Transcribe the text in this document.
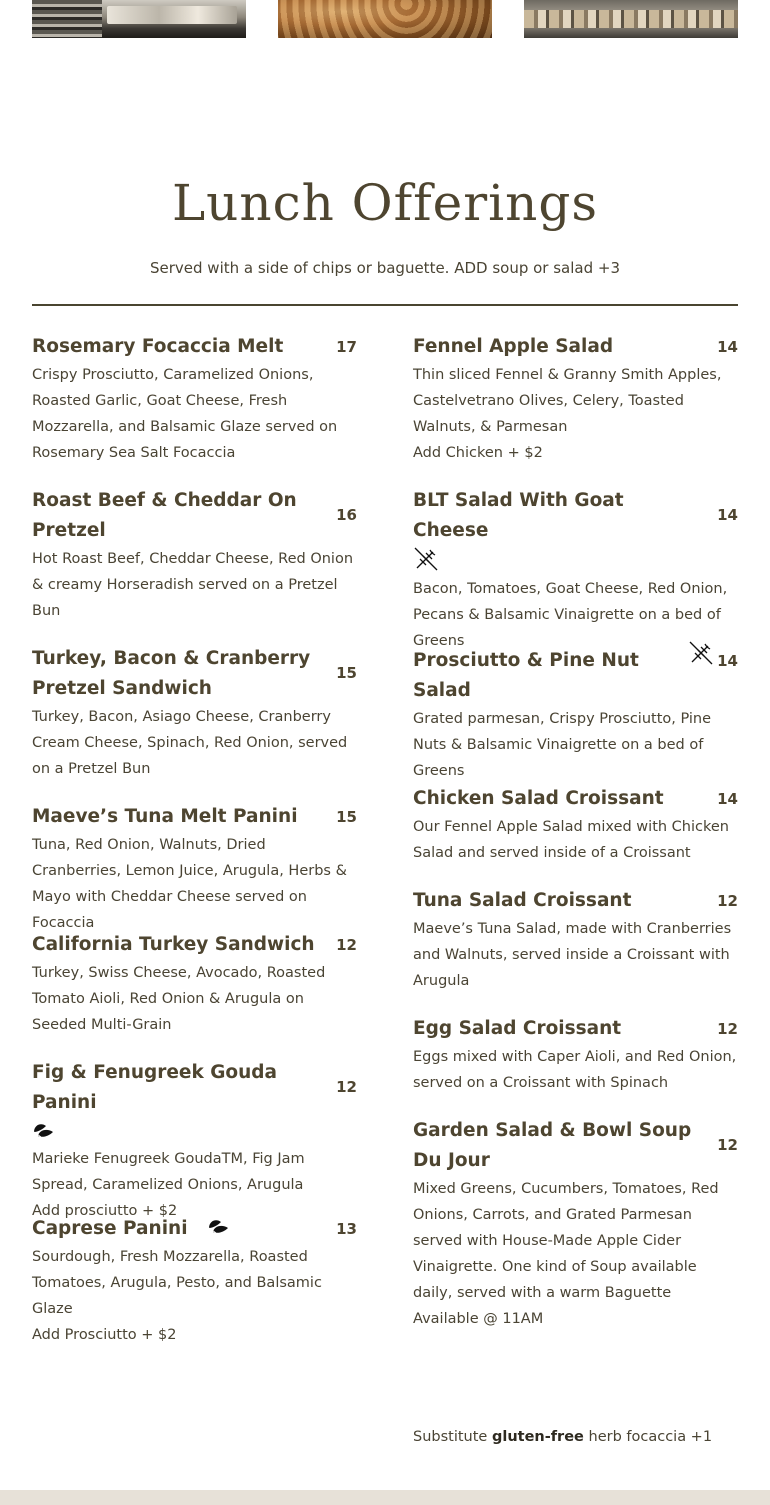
Lunch Offerings
Served with a side of chips or baguette. ADD soup or salad +3
17
Rosemary Focaccia Melt
Crispy Prosciutto, Caramelized Onions, Roasted Garlic, Goat Cheese, Fresh Mozzarella, and Balsamic Glaze served on Rosemary Sea Salt Focaccia
16
Roast Beef & Cheddar On Pretzel
Hot Roast Beef, Cheddar Cheese, Red Onion & creamy Horseradish served on a Pretzel Bun
15
Turkey, Bacon & Cranberry Pretzel Sandwich
Turkey, Bacon, Asiago Cheese, Cranberry Cream Cheese, Spinach, Red Onion, served on a Pretzel Bun
15
Maeve’s Tuna Melt Panini
Tuna, Red Onion, Walnuts, Dried Cranberries, Lemon Juice, Arugula, Herbs & Mayo with Cheddar Cheese served on Focaccia
12
California Turkey Sandwich
Turkey, Swiss Cheese, Avocado, Roasted Tomato Aioli, Red Onion & Arugula on Seeded Multi-Grain
12
Fig & Fenugreek Gouda Panini
Marieke Fenugreek GoudaTM, Fig Jam Spread, Caramelized Onions, Arugula
Add prosciutto + $2
13
Caprese Panini
Sourdough, Fresh Mozzarella, Roasted Tomatoes, Arugula, Pesto, and Balsamic Glaze
Add Prosciutto + $2
14
Fennel Apple Salad
Thin sliced Fennel & Granny Smith Apples, Castelvetrano Olives, Celery, Toasted Walnuts, & Parmesan
Add Chicken + $2
14
BLT Salad With Goat Cheese
Bacon, Tomatoes, Goat Cheese, Red Onion, Pecans & Balsamic Vinaigrette on a bed of Greens
14
Prosciutto & Pine Nut Salad
Grated parmesan, Crispy Prosciutto, Pine Nuts & Balsamic Vinaigrette on a bed of Greens
14
Chicken Salad Croissant
Our Fennel Apple Salad mixed with Chicken Salad and served inside of a Croissant
12
Tuna Salad Croissant
Maeve’s Tuna Salad, made with Cranberries and Walnuts, served inside a Croissant with Arugula
12
Egg Salad Croissant
Eggs mixed with Caper Aioli, and Red Onion, served on a Croissant with Spinach
12
Garden Salad & Bowl Soup Du Jour
Mixed Greens, Cucumbers, Tomatoes, Red Onions, Carrots, and Grated Parmesan served with House-Made Apple Cider Vinaigrette. One kind of Soup available daily, served with a warm Baguette Available @ 11AM
Substitute gluten-free herb focaccia +1
